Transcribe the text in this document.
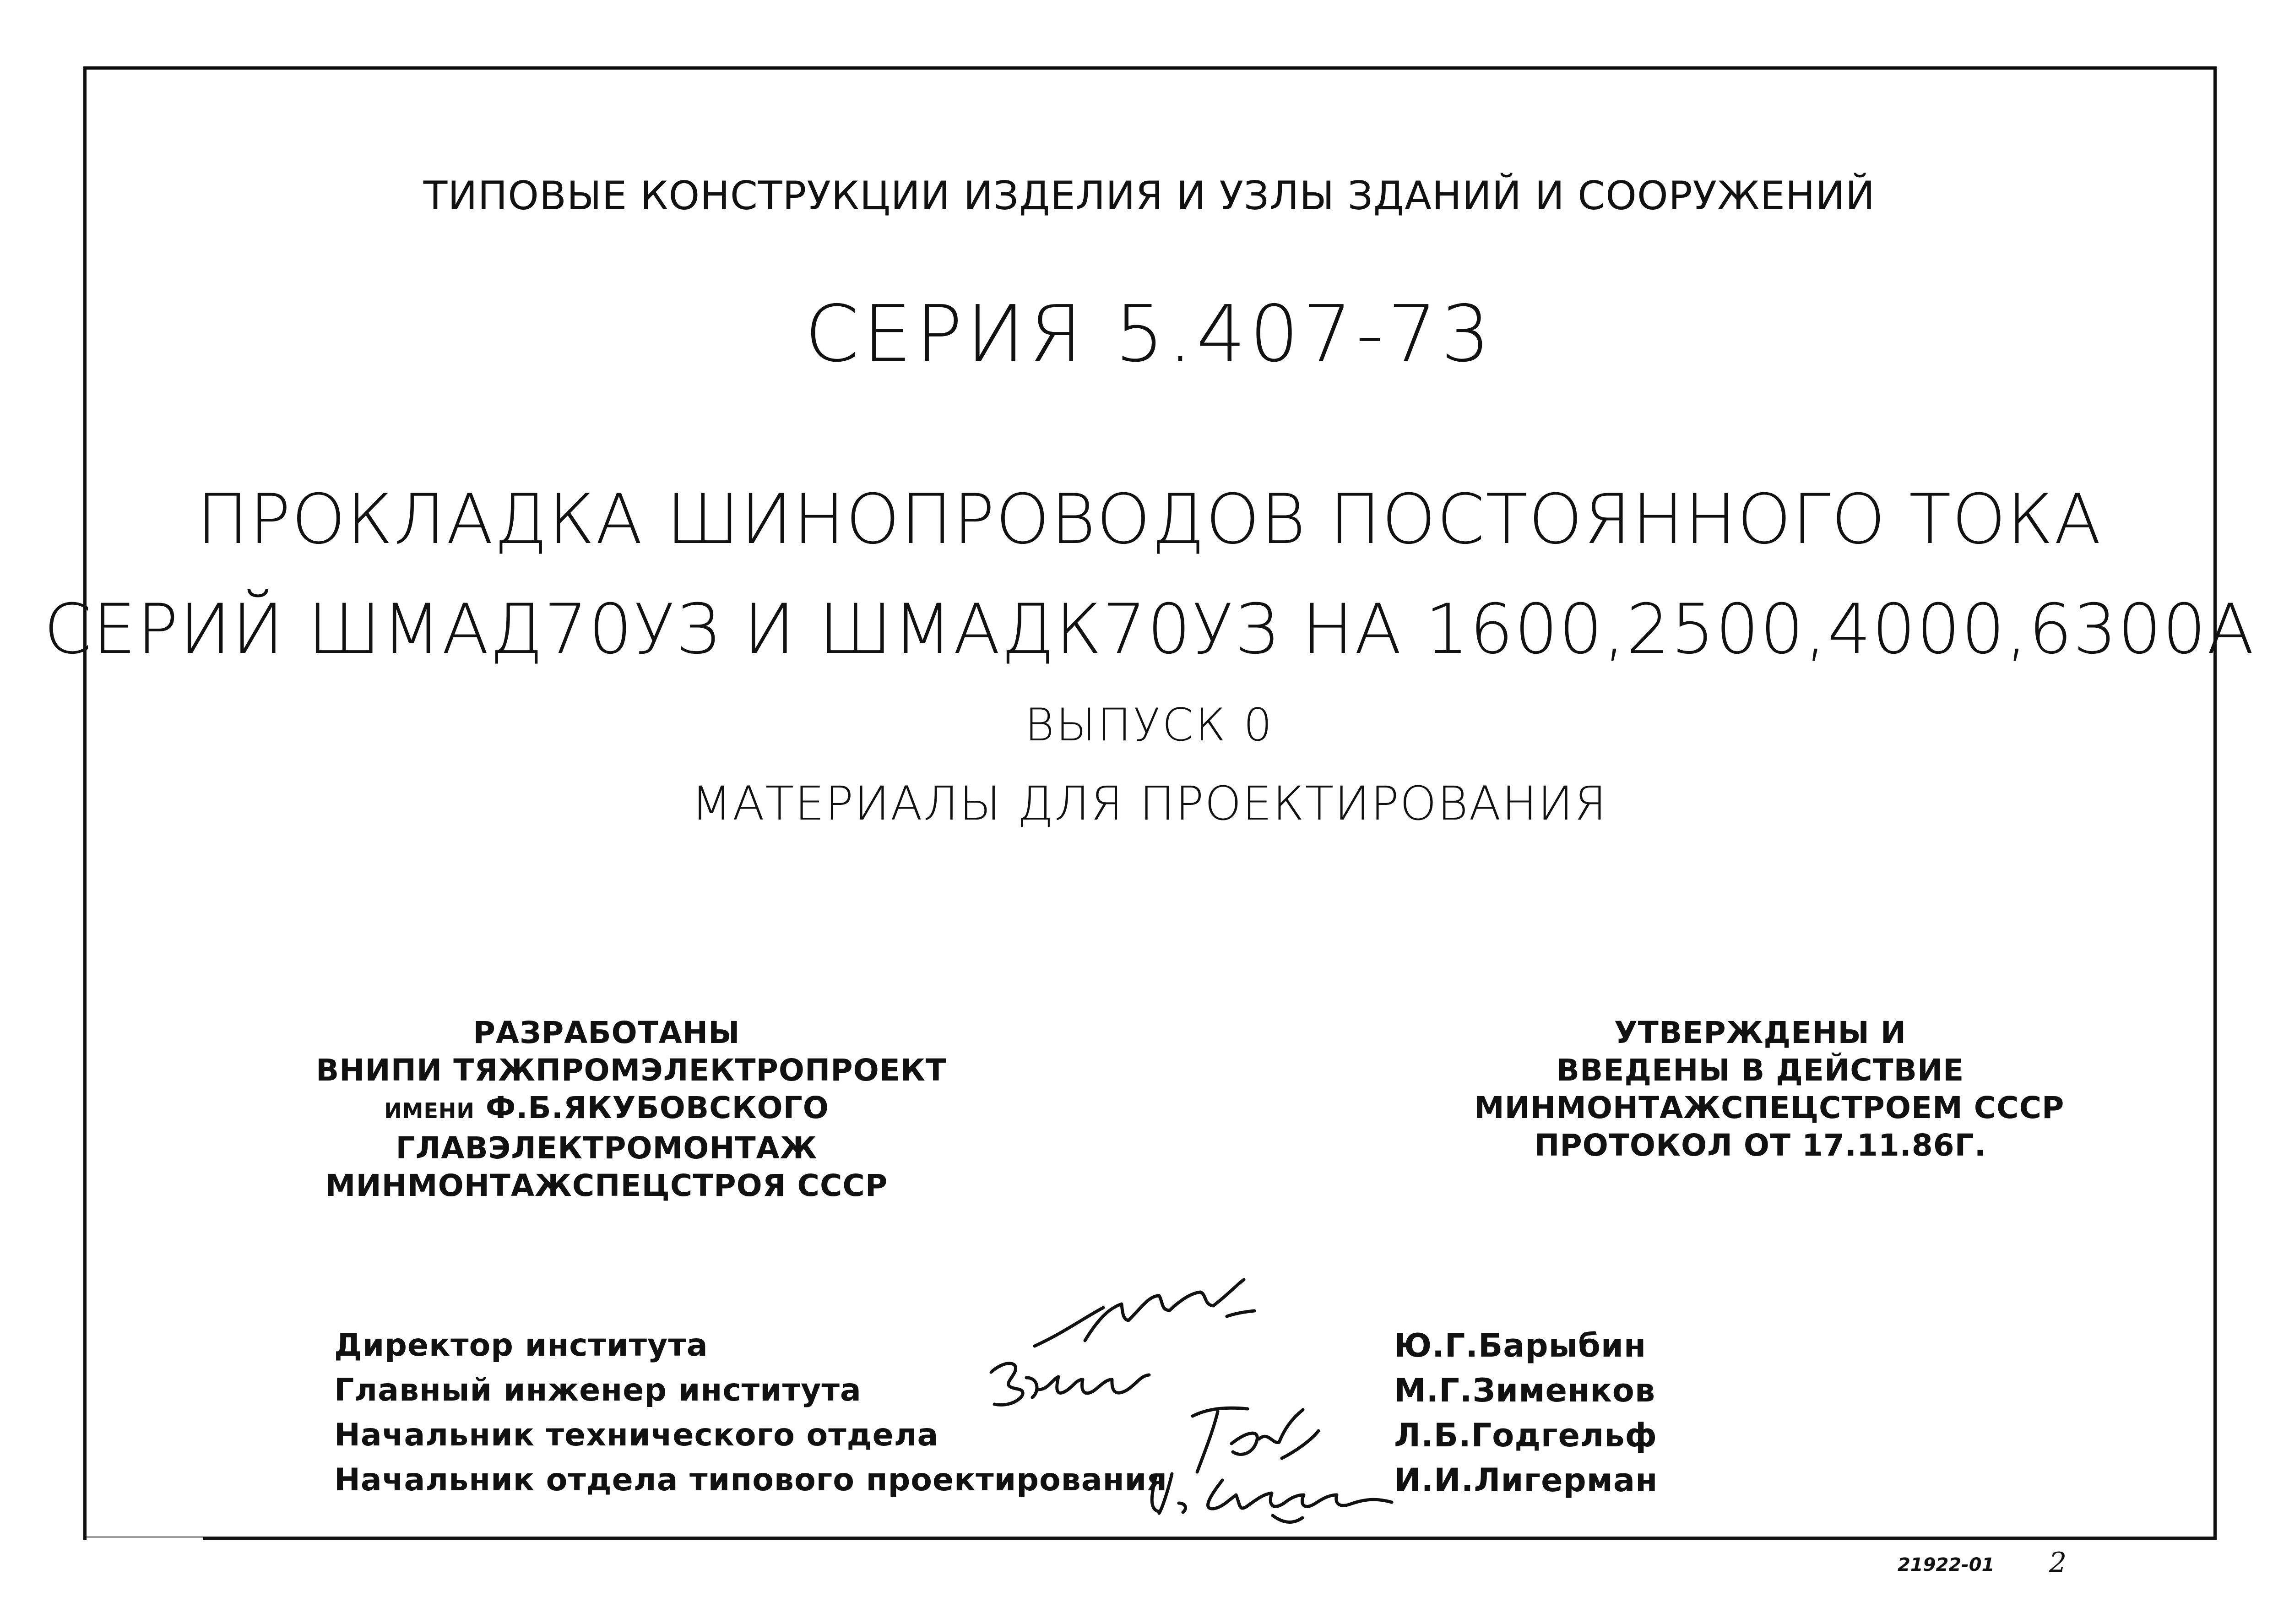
ТИПОВЫЕ КОНСТРУКЦИИ ИЗДЕЛИЯ И УЗЛЫ ЗДАНИЙ И СООРУЖЕНИЙ
СЕРИЯ 5.407-73
ПРОКЛАДКА ШИНОПРОВОДОВ ПОСТОЯННОГО ТОКА
СЕРИЙ ШМАД70УЗ И ШМАДК70УЗ НА 1600,2500,4000,6300А
ВЫПУСК 0
МАТЕРИАЛЫ ДЛЯ ПРОЕКТИРОВАНИЯ
РАЗРАБОТАНЫ
ВНИПИ ТЯЖПРОМЭЛЕКТРОПРОЕКТ
ИМЕНИ Ф.Б.ЯКУБОВСКОГО
ГЛАВЭЛЕКТРОМОНТАЖ
МИНМОНТАЖСПЕЦСТРОЯ СССР
УТВЕРЖДЕНЫ И
ВВЕДЕНЫ В ДЕЙСТВИЕ
МИНМОНТАЖСПЕЦСТРОЕМ СССР
ПРОТОКОЛ ОТ 17.11.86Г.
Директор института
Главный инженер института
Начальник технического отдела
Начальник отдела типового проектирования
Ю.Г.Барыбин
М.Г.Зименков
Л.Б.Годгельф
И.И.Лигерман
21922-01 2
